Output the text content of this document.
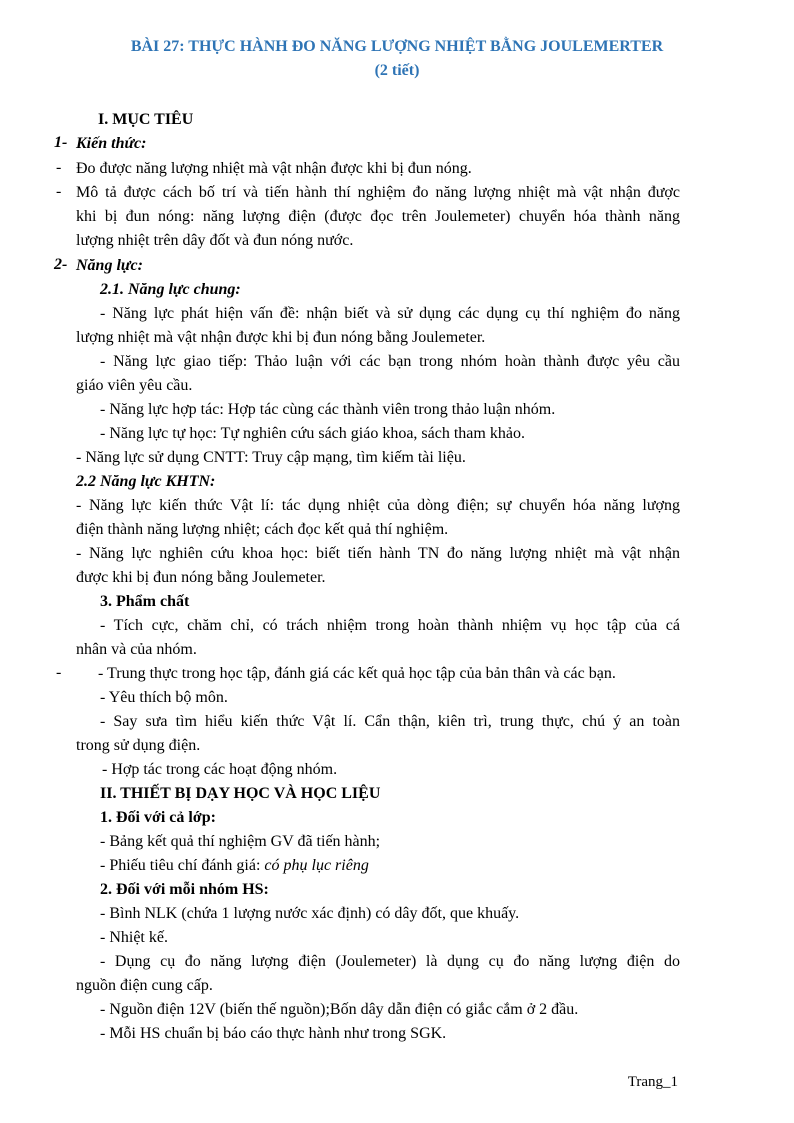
BÀI 27: THỰC HÀNH ĐO NĂNG LƯỢNG NHIỆT BẰNG JOULEMERTER
(2 tiết)
I. MỤC TIÊU
1- Kiến thức:
- Đo được năng lượng nhiệt mà vật nhận được khi bị đun nóng.
- Mô tả được cách bố trí và tiến hành thí nghiệm đo năng lượng nhiệt mà vật nhận được
khi bị đun nóng: năng lượng điện (được đọc trên Joulemeter) chuyển hóa thành năng
lượng nhiệt trên dây đốt và đun nóng nước.
2- Năng lực:
2.1. Năng lực chung:
- Năng lực phát hiện vấn đề: nhận biết và sử dụng các dụng cụ thí nghiệm đo năng
lượng nhiệt mà vật nhận được khi bị đun nóng bằng Joulemeter.
- Năng lực giao tiếp: Thảo luận với các bạn trong nhóm hoàn thành được yêu cầu
giáo viên yêu cầu.
- Năng lực hợp tác: Hợp tác cùng các thành viên trong thảo luận nhóm.
- Năng lực tự học: Tự nghiên cứu sách giáo khoa, sách tham khảo.
- Năng lực sử dụng CNTT: Truy cập mạng, tìm kiếm tài liệu.
2.2 Năng lực KHTN:
- Năng lực kiến thức Vật lí: tác dụng nhiệt của dòng điện; sự chuyển hóa năng lượng
điện thành năng lượng nhiệt; cách đọc kết quả thí nghiệm.
- Năng lực nghiên cứu khoa học: biết tiến hành TN đo năng lượng nhiệt mà vật nhận
được khi bị đun nóng bằng Joulemeter.
3. Phẩm chất
- Tích cực, chăm chỉ, có trách nhiệm trong hoàn thành nhiệm vụ học tập của cá
nhân và của nhóm.
- - Trung thực trong học tập, đánh giá các kết quả học tập của bản thân và các bạn.
- Yêu thích bộ môn.
- Say sưa tìm hiểu kiến thức Vật lí. Cẩn thận, kiên trì, trung thực, chú ý an toàn
trong sử dụng điện.
- Hợp tác trong các hoạt động nhóm.
II. THIẾT BỊ DẠY HỌC VÀ HỌC LIỆU
1. Đối với cả lớp:
- Bảng kết quả thí nghiệm GV đã tiến hành;
- Phiếu tiêu chí đánh giá: có phụ lục riêng
2. Đối với mỗi nhóm HS:
- Bình NLK (chứa 1 lượng nước xác định) có dây đốt, que khuấy.
- Nhiệt kế.
- Dụng cụ đo năng lượng điện (Joulemeter) là dụng cụ đo năng lượng điện do
nguồn điện cung cấp.
- Nguồn điện 12V (biến thế nguồn);Bốn dây dẫn điện có giắc cắm ở 2 đầu.
- Mỗi HS chuẩn bị báo cáo thực hành như trong SGK.
Trang_1
